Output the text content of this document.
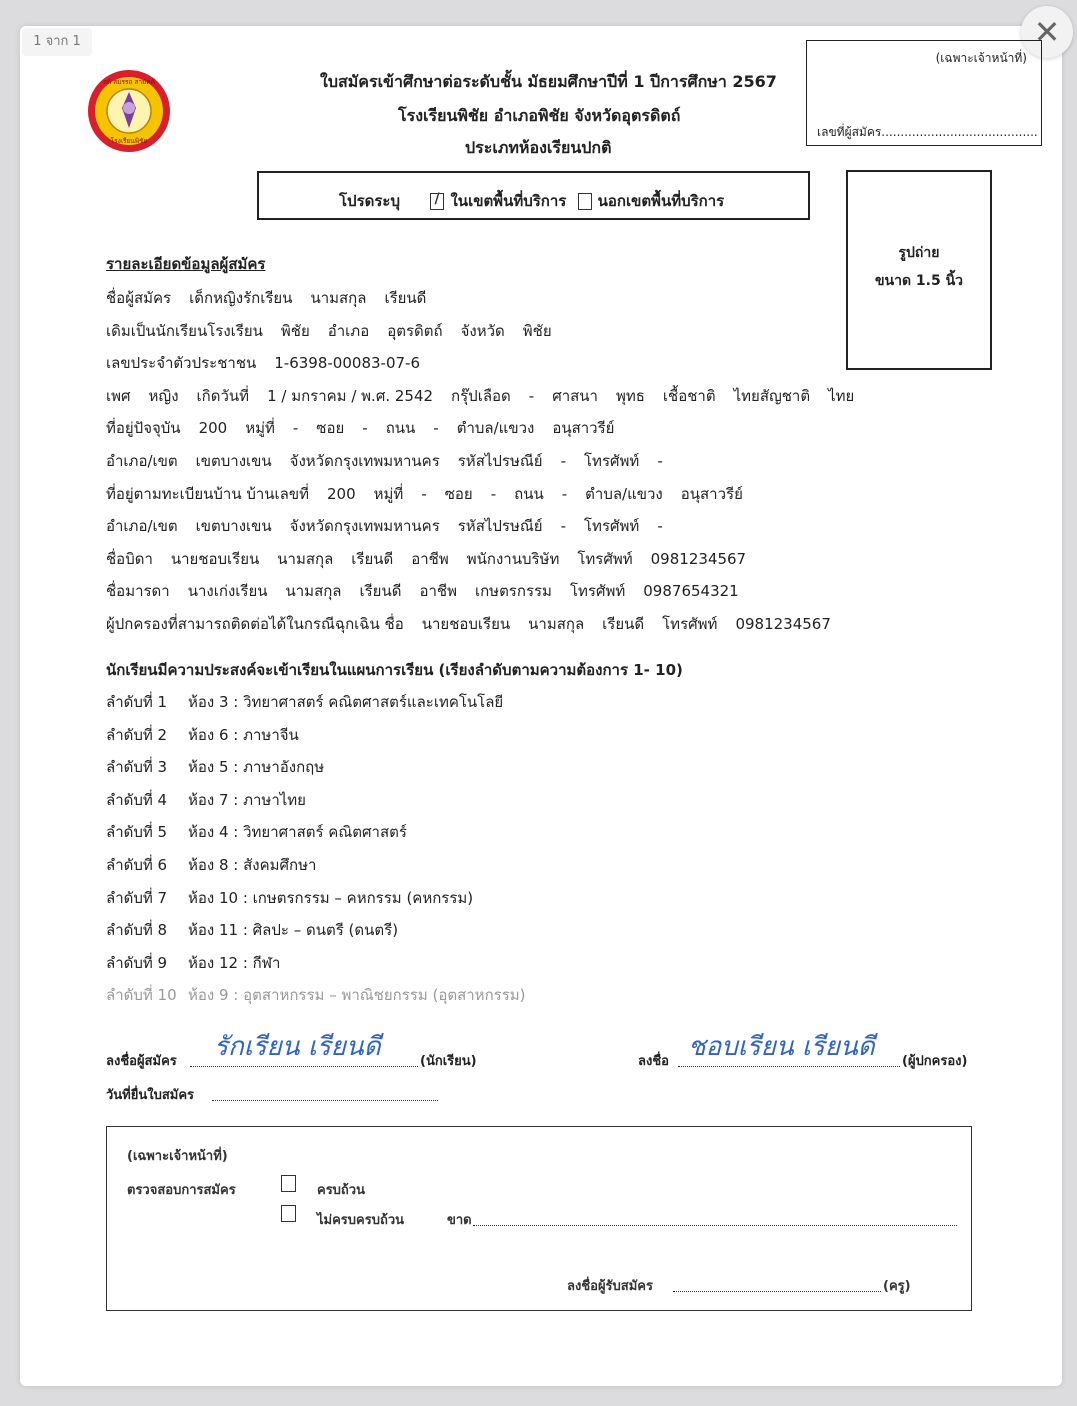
1 จาก 1	✕
สติ สมรรถ สามัคคี
โรงเรียนพิชัย
ใบสมัครเข้าศึกษาต่อระดับชั้น มัธยมศึกษาปีที่ 1 ปีการศึกษา 2567
โรงเรียนพิชัย อำเภอพิชัย จังหวัดอุตรดิตถ์
ประเภทห้องเรียนปกติ
(เฉพาะเจ้าหน้าที่)
เลขที่ผู้สมัคร.........................................
รูปถ่าย
ขนาด 1.5 นิ้ว
โปรดระบุ  /	ในเขตพื้นที่บริการ นอกเขตพื้นที่บริการ
รายละเอียดข้อมูลผู้สมัคร
ชื่อผู้สมัคร เด็กหญิงรักเรียน นามสกุล เรียนดี
เดิมเป็นนักเรียนโรงเรียน พิชัย อำเภอ อุตรดิตถ์ จังหวัด พิชัย
เลขประจำตัวประชาชน 1-6398-00083-07-6
เพศ หญิง เกิดวันที่ 1 / มกราคม / พ.ศ. 2542 กรุ๊ปเลือด - ศาสนา พุทธ เชื้อชาติ ไทยสัญชาติ ไทย
ที่อยู่ปัจจุบัน 200 หมู่ที่ - ซอย - ถนน - ตำบล/แขวง อนุสาวรีย์
อำเภอ/เขต เขตบางเขน จังหวัดกรุงเทพมหานคร รหัสไปรษณีย์ - โทรศัพท์ -
ที่อยู่ตามทะเบียนบ้าน บ้านเลขที่ 200 หมู่ที่ - ซอย - ถนน - ตำบล/แขวง อนุสาวรีย์
อำเภอ/เขต เขตบางเขน จังหวัดกรุงเทพมหานคร รหัสไปรษณีย์ - โทรศัพท์ -
ชื่อบิดา นายชอบเรียน นามสกุล เรียนดี อาชีพ พนักงานบริษัท โทรศัพท์ 0981234567
ชื่อมารดา นางเก่งเรียน นามสกุล เรียนดี อาชีพ เกษตรกรรม โทรศัพท์ 0987654321
ผู้ปกครองที่สามารถติดต่อได้ในกรณีฉุกเฉิน ชื่อ นายชอบเรียน นามสกุล เรียนดี โทรศัพท์ 0981234567
นักเรียนมีความประสงค์จะเข้าเรียนในแผนการเรียน (เรียงลำดับตามความต้องการ 1- 10)
ลำดับที่ 1 ห้อง 3 : วิทยาศาสตร์ คณิตศาสตร์และเทคโนโลยี
ลำดับที่ 2 ห้อง 6 : ภาษาจีน
ลำดับที่ 3 ห้อง 5 : ภาษาอังกฤษ
ลำดับที่ 4 ห้อง 7 : ภาษาไทย
ลำดับที่ 5 ห้อง 4 : วิทยาศาสตร์ คณิตศาสตร์
ลำดับที่ 6 ห้อง 8 : สังคมศึกษา
ลำดับที่ 7 ห้อง 10 : เกษตรกรรม – คหกรรม (คหกรรม)
ลำดับที่ 8 ห้อง 11 : ศิลปะ – ดนตรี (ดนตรี)
ลำดับที่ 9 ห้อง 12 : กีฬา
ลำดับที่ 10 ห้อง 9 : อุตสาหกรรม – พาณิชยกรรม (อุตสาหกรรม)
ลงชื่อผู้สมัคร รักเรียน เรียนดี	(นักเรียน)	ลงชื่อ ชอบเรียน เรียนดี (ผู้ปกครอง)
วันที่ยื่นใบสมัคร
(เฉพาะเจ้าหน้าที่)
ตรวจสอบการสมัคร	ครบถ้วน
ไม่ครบครบถ้วน	ขาด
ลงชื่อผู้รับสมัคร	(ครู)
